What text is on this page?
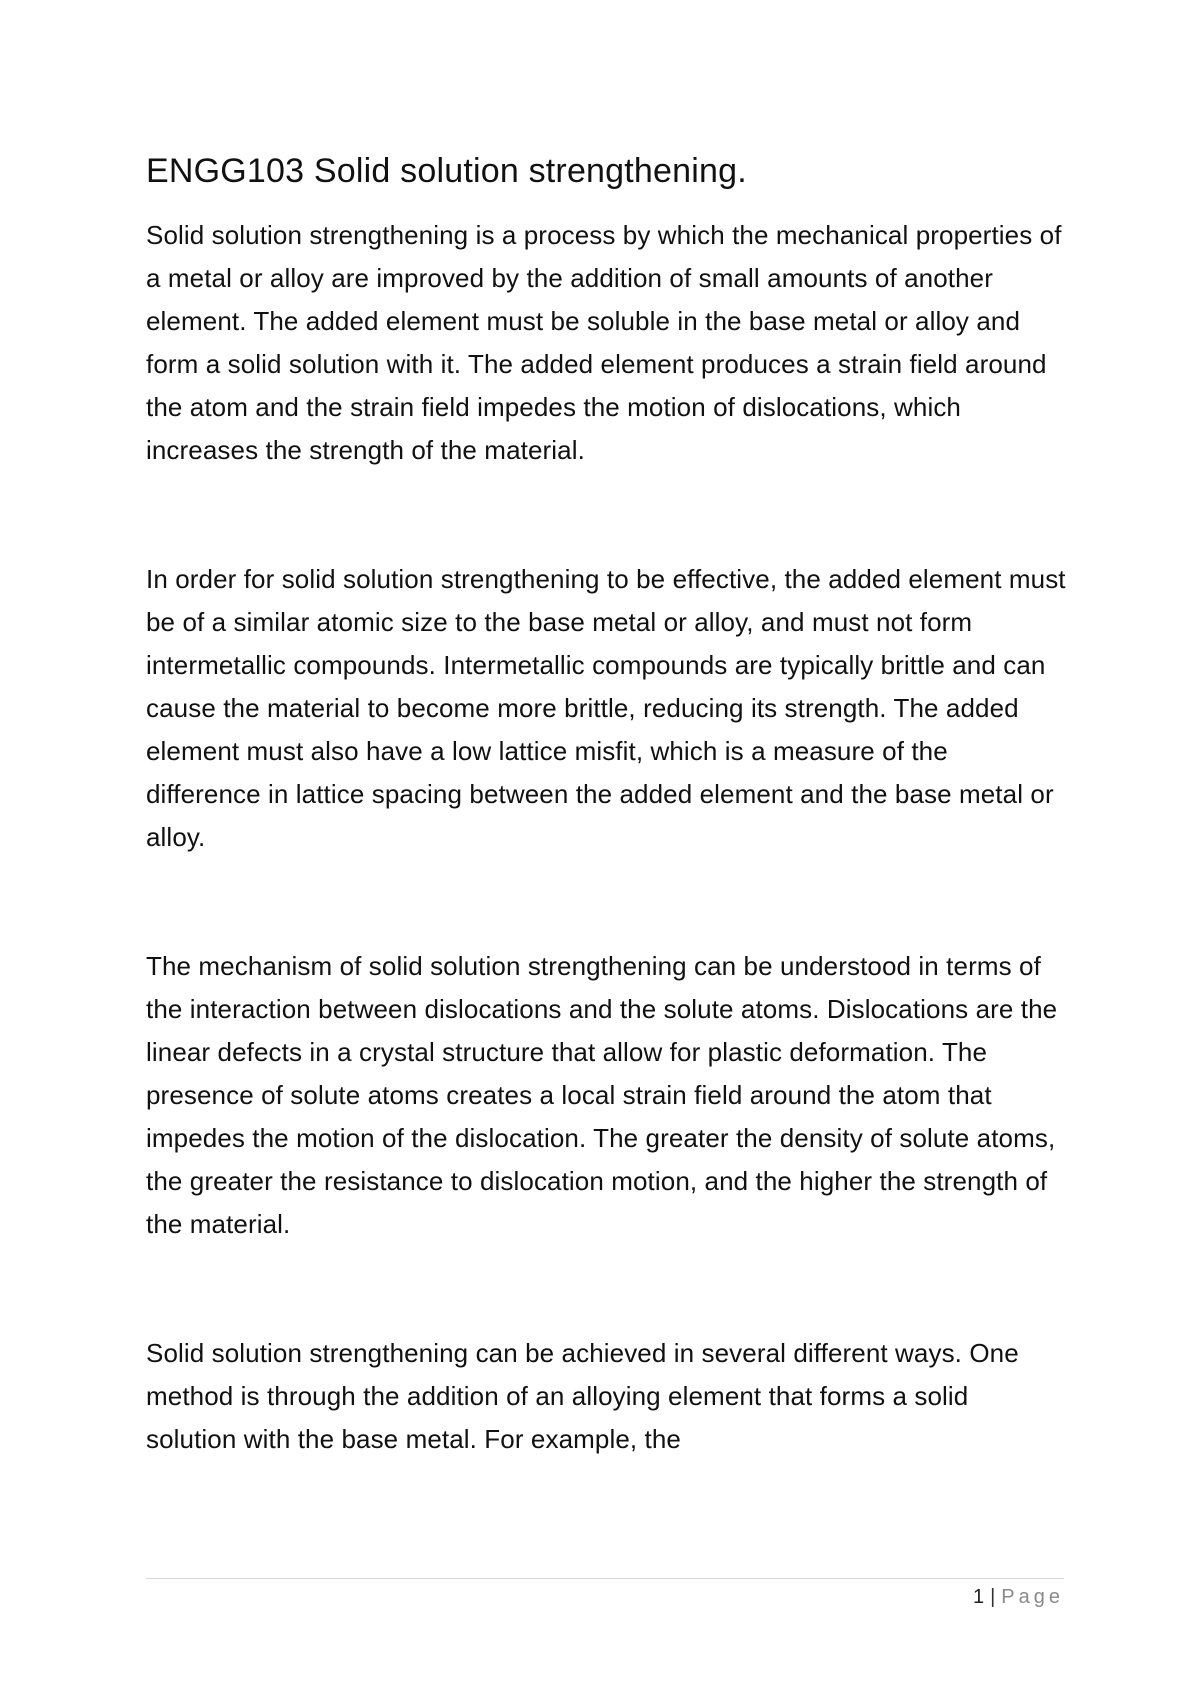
ENGG103 Solid solution strengthening.

Solid solution strengthening is a process by which the mechanical properties of a metal or alloy are improved by the addition of small amounts of another element. The added element must be soluble in the base metal or alloy and form a solid solution with it. The added element produces a strain field around the atom and the strain field impedes the motion of dislocations, which increases the strength of the material.

In order for solid solution strengthening to be effective, the added element must be of a similar atomic size to the base metal or alloy, and must not form intermetallic compounds. Intermetallic compounds are typically brittle and can cause the material to become more brittle, reducing its strength. The added element must also have a low lattice misfit, which is a measure of the difference in lattice spacing between the added element and the base metal or alloy.

The mechanism of solid solution strengthening can be understood in terms of the interaction between dislocations and the solute atoms. Dislocations are the linear defects in a crystal structure that allow for plastic deformation. The presence of solute atoms creates a local strain field around the atom that impedes the motion of the dislocation. The greater the density of solute atoms, the greater the resistance to dislocation motion, and the higher the strength of the material.

Solid solution strengthening can be achieved in several different ways. One method is through the addition of an alloying element that forms a solid solution with the base metal. For example, the

1 | Page
